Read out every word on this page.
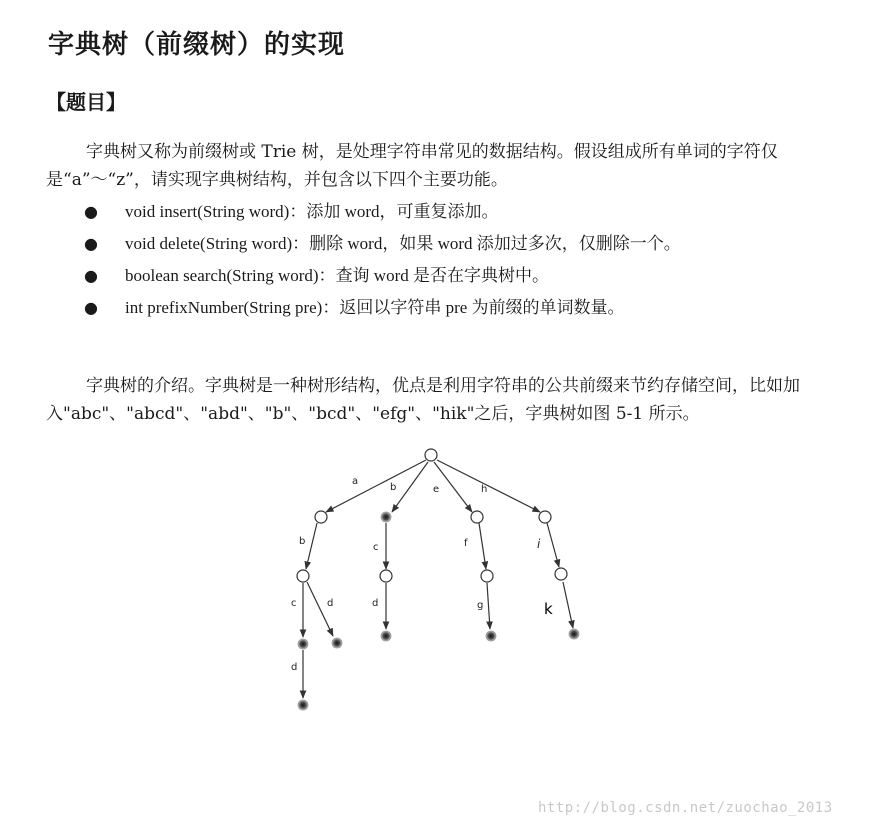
字典树（前缀树）的实现
【题目】

字典树又称为前缀树或 Trie 树，是处理字符串常见的数据结构。假设组成所有单词的字符仅是“a”～“z”，请实现字典树结构，并包含以下四个主要功能。

● void insert(String word)：添加 word，可重复添加。
● void delete(String word)：删除 word，如果 word 添加过多次，仅删除一个。
● boolean search(String word)：查询 word 是否在字典树中。
● int prefixNumber(String pre)：返回以字符串 pre 为前缀的单词数量。

字典树的介绍。字典树是一种树形结构，优点是利用字符串的公共前缀来节约存储空间，比如加入"abc"、"abcd"、"abd"、"b"、"bcd"、"efg"、"hik"之后，字典树如图 5-1 所示。

a
b	e	h
b
c	d
d
c
d
f
g
i
k
http://blog.csdn.net/zuochao_2013
